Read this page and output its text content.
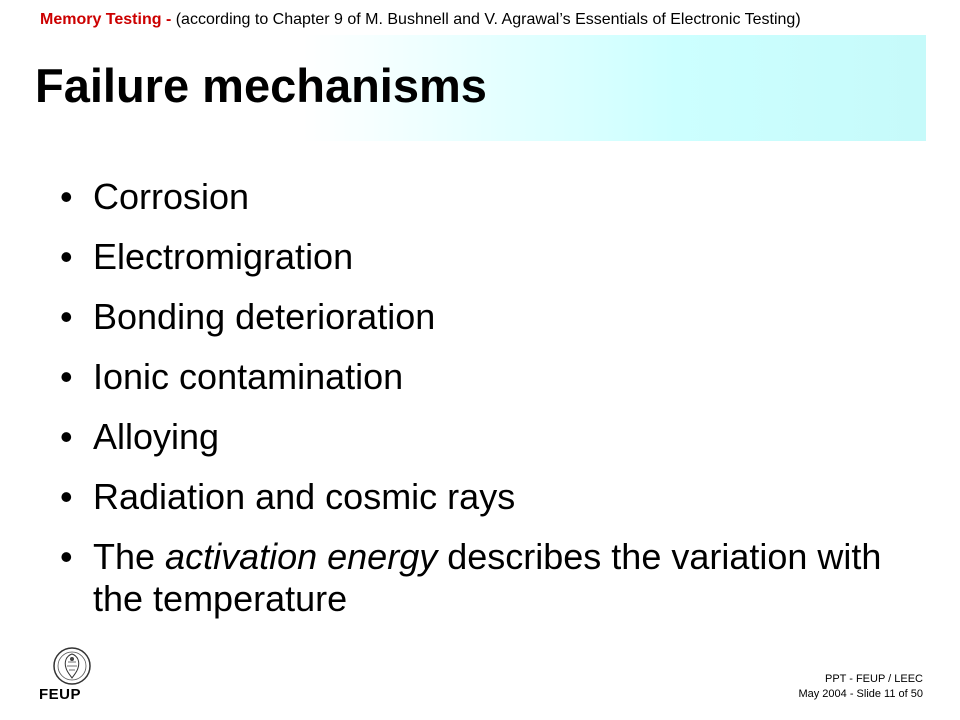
Memory Testing - (according to Chapter 9 of M. Bushnell and V. Agrawal’s Essentials of Electronic Testing)
Failure mechanisms
• Corrosion
• Electromigration
• Bonding deterioration
• Ionic contamination
• Alloying
• Radiation and cosmic rays
• The activation energy describes the variation with the temperature
FEUP
PPT - FEUP / LEEC
May 2004 - Slide 11 of 50
